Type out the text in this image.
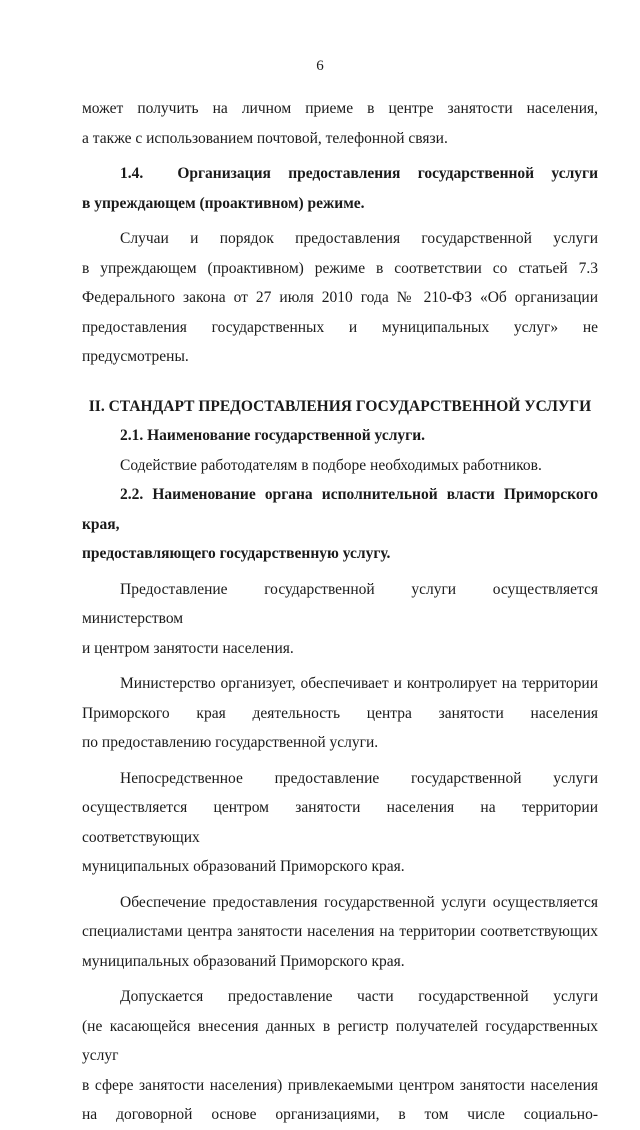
6

может получить на личном приеме в центре занятости населения,

а также с использованием почтовой, телефонной связи.

1.4. Организация предоставления государственной услуги

в упреждающем (проактивном) режиме.

Случаи и порядок предоставления государственной услуги

в упреждающем (проактивном) режиме в соответствии со статьей 7.3

Федерального закона от 27 июля 2010 года № 210-ФЗ «Об организации

предоставления государственных и муниципальных услуг» не предусмотрены.

II. СТАНДАРТ ПРЕДОСТАВЛЕНИЯ ГОСУДАРСТВЕННОЙ УСЛУГИ

2.1. Наименование государственной услуги.

Содействие работодателям в подборе необходимых работников.

2.2. Наименование органа исполнительной власти Приморского края,

предоставляющего государственную услугу.

Предоставление государственной услуги осуществляется министерством

и центром занятости населения.

Министерство организует, обеспечивает и контролирует на территории

Приморского края деятельность центра занятости населения

по предоставлению государственной услуги.

Непосредственное предоставление государственной услуги

осуществляется центром занятости населения на территории соответствующих

муниципальных образований Приморского края.

Обеспечение предоставления государственной услуги осуществляется

специалистами центра занятости населения на территории соответствующих

муниципальных образований Приморского края.

Допускается предоставление части государственной услуги

(не касающейся внесения данных в регистр получателей государственных услуг

в сфере занятости населения) привлекаемыми центром занятости населения

на договорной основе организациями, в том числе социально-
